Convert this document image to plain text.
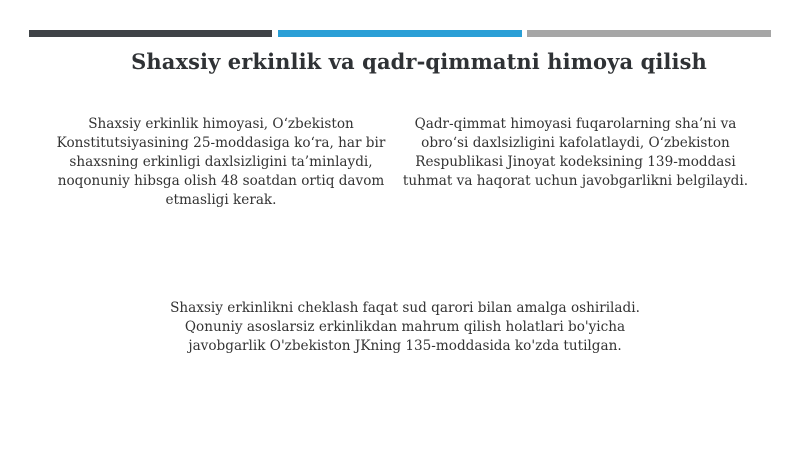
Shaxsiy erkinlik va qadr-qimmatni himoya qilish
Shaxsiy erkinlik himoyasi, O‘zbekiston Konstitutsiyasining 25-moddasiga ko‘ra, har bir shaxsning erkinligi daxlsizligini ta’minlaydi, noqonuniy hibsga olish 48 soatdan ortiq davom etmasligi kerak.
Qadr-qimmat himoyasi fuqarolarning sha’ni va obro‘si daxlsizligini kafolatlaydi, O‘zbekiston Respublikasi Jinoyat kodeksining 139-moddasi tuhmat va haqorat uchun javobgarlikni belgilaydi.
Shaxsiy erkinlikni cheklash faqat sud qarori bilan amalga oshiriladi. Qonuniy asoslarsiz erkinlikdan mahrum qilish holatlari bo'yicha javobgarlik O'zbekiston JKning 135-moddasida ko'zda tutilgan.
